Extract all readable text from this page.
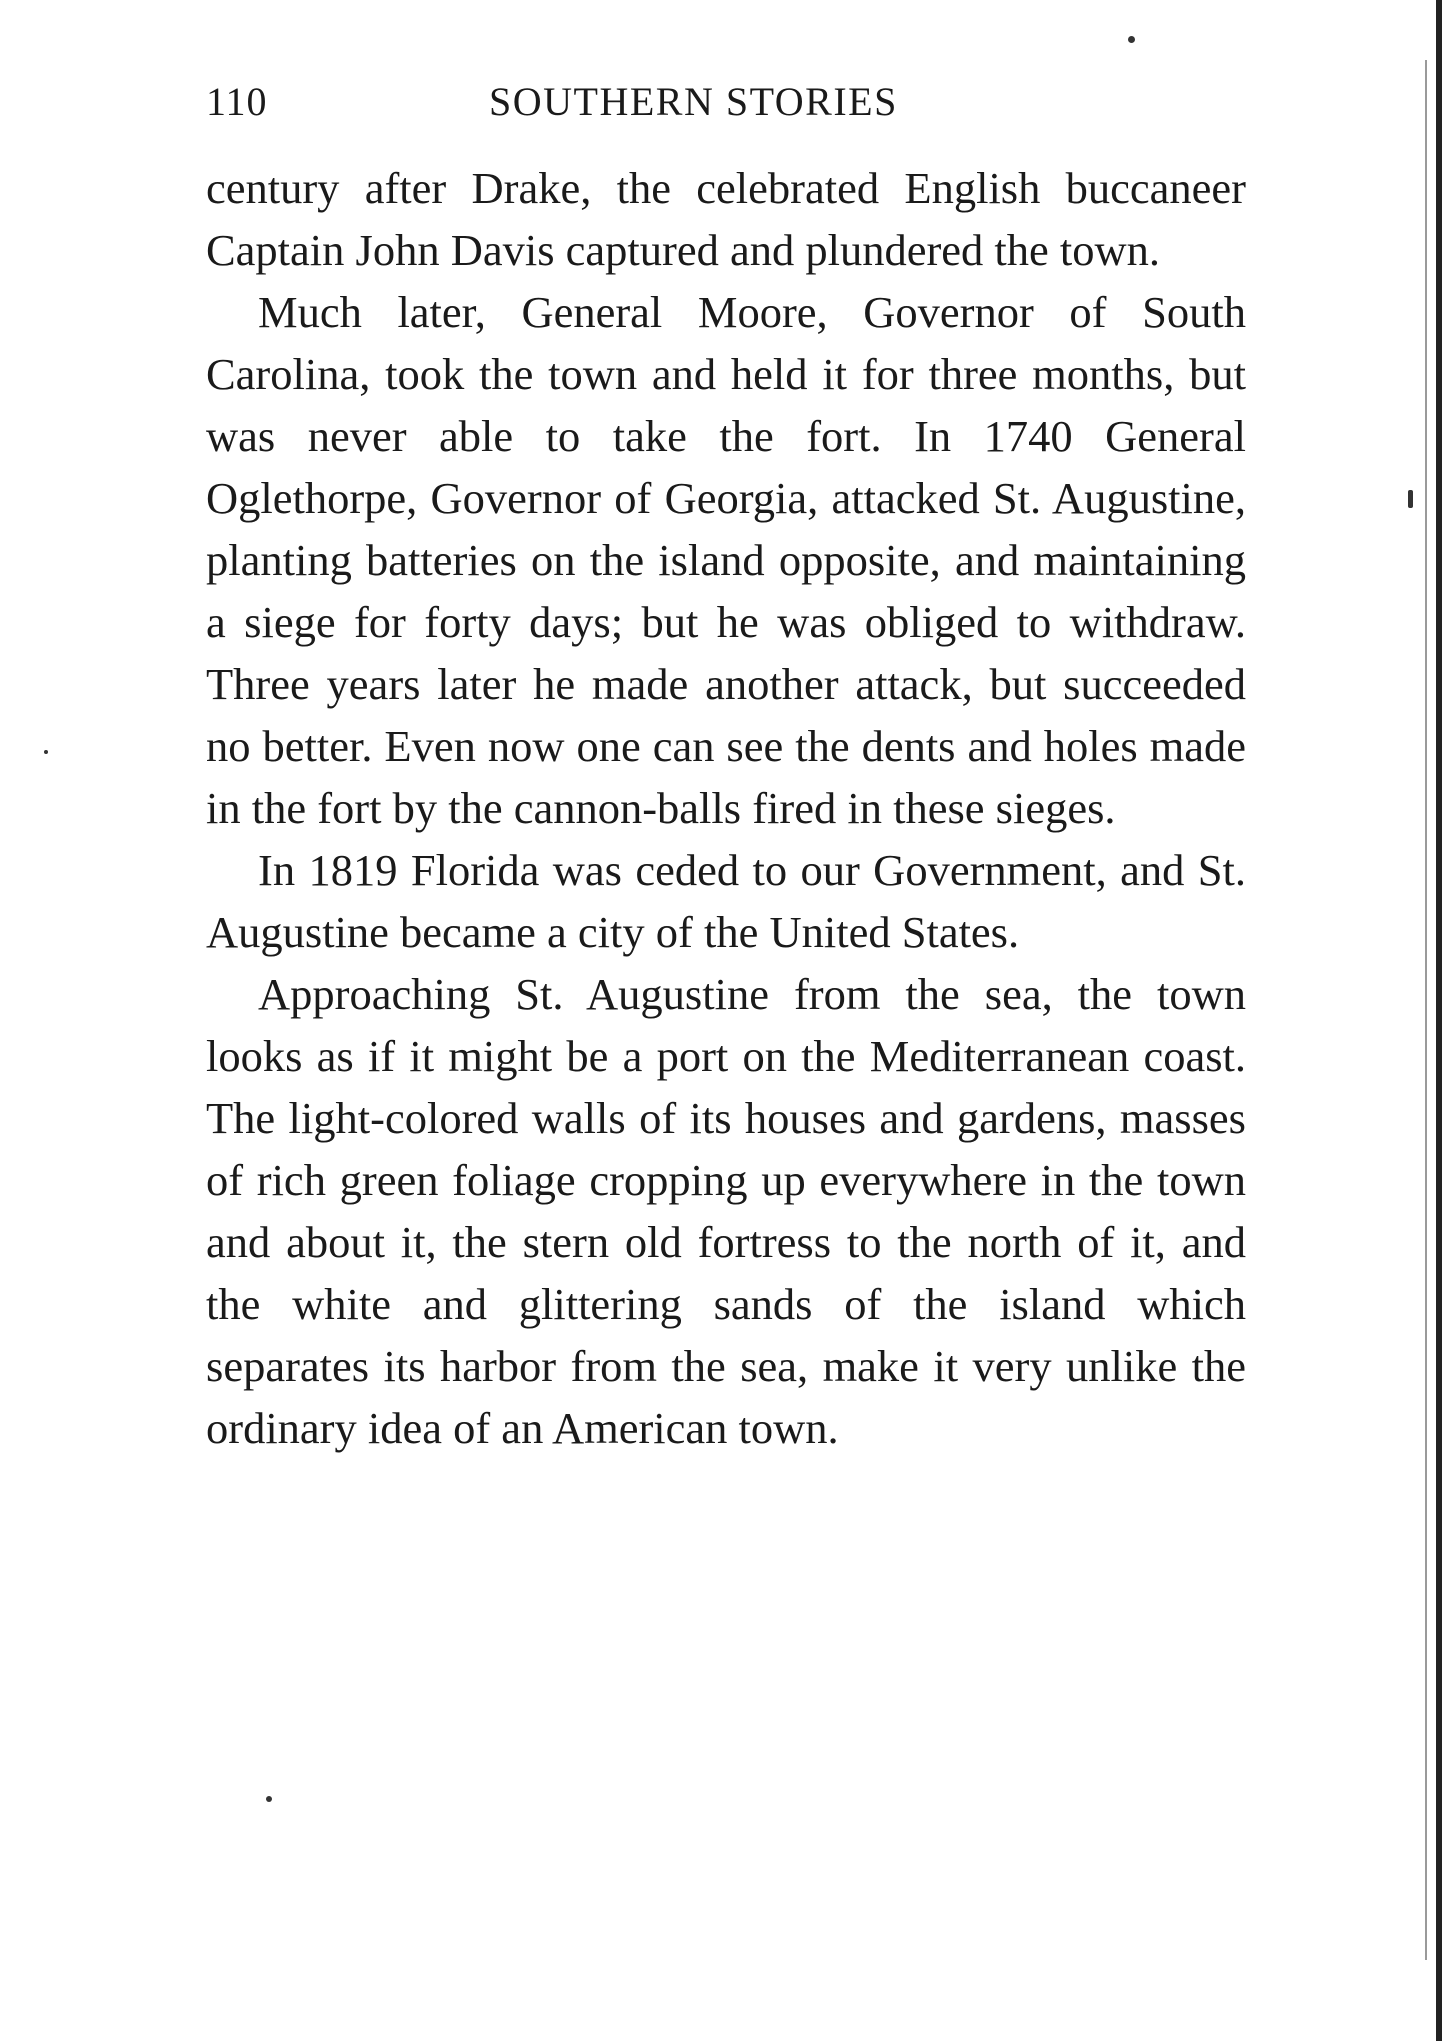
110	SOUTHERN STORIES

century after Drake, the celebrated English buccaneer Captain John Davis captured and plundered the town.

Much later, General Moore, Governor of South Carolina, took the town and held it for three months, but was never able to take the fort. In 1740 General Oglethorpe, Governor of Georgia, attacked St. Augustine, planting batteries on the island opposite, and maintaining a siege for forty days; but he was obliged to withdraw. Three years later he made another attack, but succeeded no better. Even now one can see the dents and holes made in the fort by the cannon-balls fired in these sieges.

In 1819 Florida was ceded to our Government, and St. Augustine became a city of the United States.

Approaching St. Augustine from the sea, the town looks as if it might be a port on the Mediterranean coast. The light-colored walls of its houses and gardens, masses of rich green foliage cropping up everywhere in the town and about it, the stern old fortress to the north of it, and the white and glittering sands of the island which separates its harbor from the sea, make it very unlike the ordinary idea of an American town.
